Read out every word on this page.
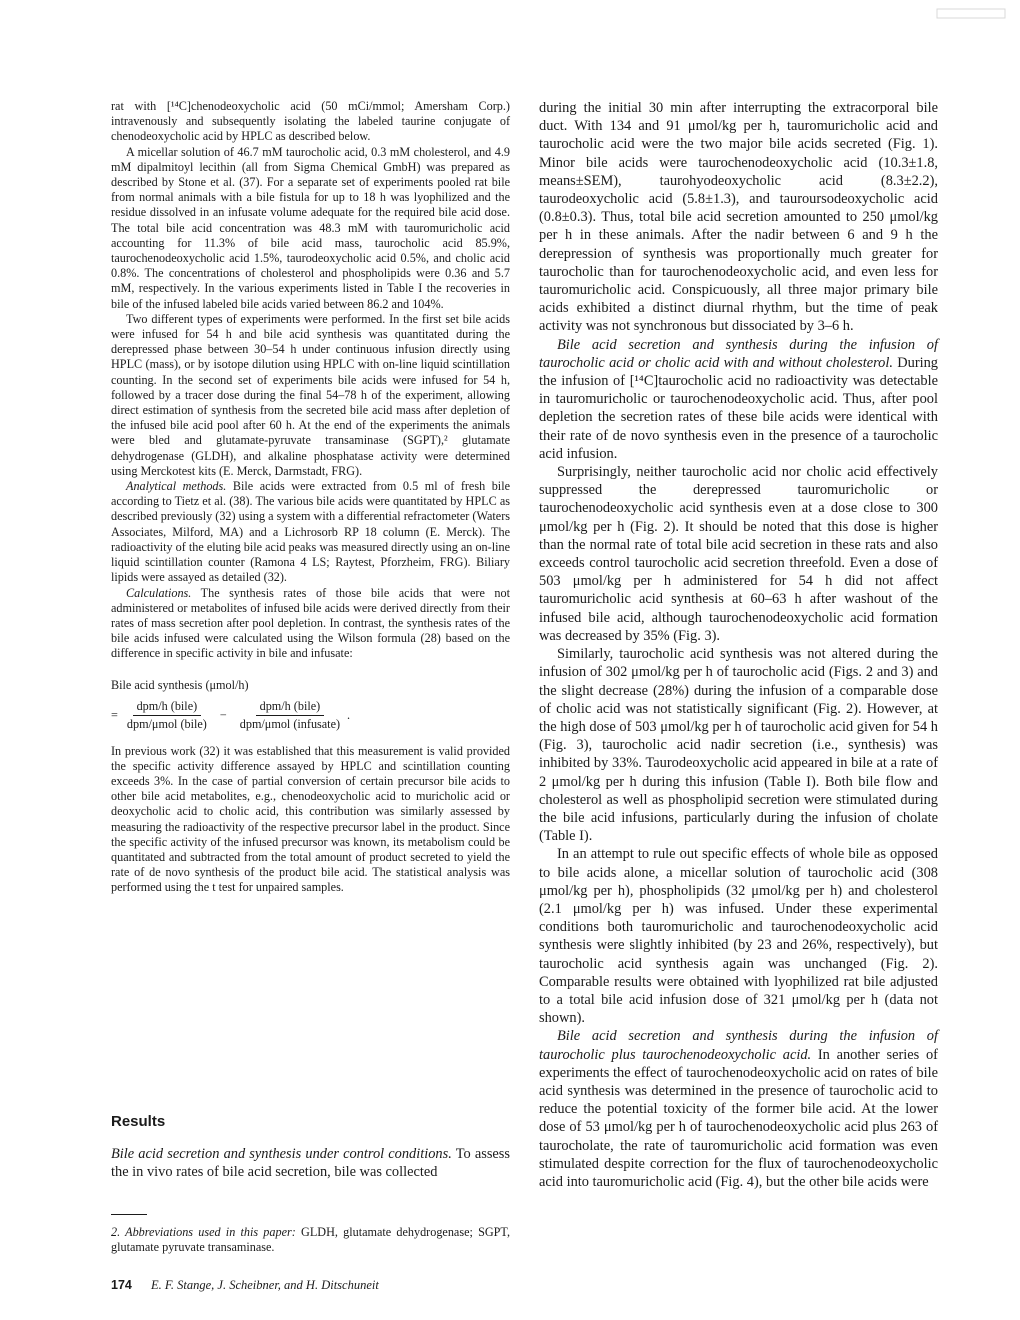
rat with [¹⁴C]chenodeoxycholic acid (50 mCi/mmol; Amersham Corp.) intravenously and subsequently isolating the labeled taurine conjugate of chenodeoxycholic acid by HPLC as described below.

A micellar solution of 46.7 mM taurocholic acid, 0.3 mM cholesterol, and 4.9 mM dipalmitoyl lecithin (all from Sigma Chemical GmbH) was prepared as described by Stone et al. (37). For a separate set of experiments pooled rat bile from normal animals with a bile fistula for up to 18 h was lyophilized and the residue dissolved in an infusate volume adequate for the required bile acid dose. The total bile acid concentration was 48.3 mM with tauromuricholic acid accounting for 11.3% of bile acid mass, taurocholic acid 85.9%, taurochenodeoxycholic acid 1.5%, taurodeoxycholic acid 0.5%, and cholic acid 0.8%. The concentrations of cholesterol and phospholipids were 0.36 and 5.7 mM, respectively. In the various experiments listed in Table I the recoveries in bile of the infused labeled bile acids varied between 86.2 and 104%.

Two different types of experiments were performed. In the first set bile acids were infused for 54 h and bile acid synthesis was quantitated during the derepressed phase between 30–54 h under continuous infusion directly using HPLC (mass), or by isotope dilution using HPLC with on-line liquid scintillation counting. In the second set of experiments bile acids were infused for 54 h, followed by a tracer dose during the final 54–78 h of the experiment, allowing direct estimation of synthesis from the secreted bile acid mass after depletion of the infused bile acid pool after 60 h. At the end of the experiments the animals were bled and glutamate-pyruvate transaminase (SGPT),² glutamate dehydrogenase (GLDH), and alkaline phosphatase activity were determined using Merckotest kits (E. Merck, Darmstadt, FRG).

Analytical methods. Bile acids were extracted from 0.5 ml of fresh bile according to Tietz et al. (38). The various bile acids were quantitated by HPLC as described previously (32) using a system with a differential refractometer (Waters Associates, Milford, MA) and a Lichrosorb RP 18 column (E. Merck). The radioactivity of the eluting bile acid peaks was measured directly using an on-line liquid scintillation counter (Ramona 4 LS; Raytest, Pforzheim, FRG). Biliary lipids were assayed as detailed (32).

Calculations. The synthesis rates of those bile acids that were not administered or metabolites of infused bile acids were derived directly from their rates of mass secretion after pool depletion. In contrast, the synthesis rates of the bile acids infused were calculated using the Wilson formula (28) based on the difference in specific activity in bile and infusate:

Bile acid synthesis (μmol/h)
= $\frac{\text{dpm/h (bile)}}{\text{dpm/μmol (bile)}} - \frac{\text{dpm/h (bile)}}{\text{dpm/μmol (infusate)}}$ .

In previous work (32) it was established that this measurement is valid provided the specific activity difference assayed by HPLC and scintillation counting exceeds 3%. In the case of partial conversion of certain precursor bile acids to other bile acid metabolites, e.g., chenodeoxycholic acid to muricholic acid or deoxycholic acid to cholic acid, this contribution was similarly assessed by measuring the radioactivity of the respective precursor label in the product. Since the specific activity of the infused precursor was known, its metabolism could be quantitated and subtracted from the total amount of product secreted to yield the rate of de novo synthesis of the product bile acid. The statistical analysis was performed using the t test for unpaired samples.

Results

Bile acid secretion and synthesis under control conditions. To assess the in vivo rates of bile acid secretion, bile was collected

2. Abbreviations used in this paper: GLDH, glutamate dehydrogenase; SGPT, glutamate pyruvate transaminase.

during the initial 30 min after interrupting the extracorporal bile duct. With 134 and 91 μmol/kg per h, tauromuricholic acid and taurocholic acid were the two major bile acids secreted (Fig. 1). Minor bile acids were taurochenodeoxycholic acid (10.3±1.8, means±SEM), taurohyodeoxycholic acid (8.3±2.2), taurodeoxycholic acid (5.8±1.3), and tauroursodeoxycholic acid (0.8±0.3). Thus, total bile acid secretion amounted to 250 μmol/kg per h in these animals. After the nadir between 6 and 9 h the derepression of synthesis was proportionally much greater for taurocholic than for taurochenodeoxycholic acid, and even less for tauromuricholic acid. Conspicuously, all three major primary bile acids exhibited a distinct diurnal rhythm, but the time of peak activity was not synchronous but dissociated by 3–6 h.

Bile acid secretion and synthesis during the infusion of taurocholic acid or cholic acid with and without cholesterol. During the infusion of [¹⁴C]taurocholic acid no radioactivity was detectable in tauromuricholic or taurochenodeoxycholic acid. Thus, after pool depletion the secretion rates of these bile acids were identical with their rate of de novo synthesis even in the presence of a taurocholic acid infusion.

Surprisingly, neither taurocholic acid nor cholic acid effectively suppressed the derepressed tauromuricholic or taurochenodeoxycholic acid synthesis even at a dose close to 300 μmol/kg per h (Fig. 2). It should be noted that this dose is higher than the normal rate of total bile acid secretion in these rats and also exceeds control taurocholic acid secretion threefold. Even a dose of 503 μmol/kg per h administered for 54 h did not affect tauromuricholic acid synthesis at 60–63 h after washout of the infused bile acid, although taurochenodeoxycholic acid formation was decreased by 35% (Fig. 3).

Similarly, taurocholic acid synthesis was not altered during the infusion of 302 μmol/kg per h of taurocholic acid (Figs. 2 and 3) and the slight decrease (28%) during the infusion of a comparable dose of cholic acid was not statistically significant (Fig. 2). However, at the high dose of 503 μmol/kg per h of taurocholic acid given for 54 h (Fig. 3), taurocholic acid nadir secretion (i.e., synthesis) was inhibited by 33%. Taurodeoxycholic acid appeared in bile at a rate of 2 μmol/kg per h during this infusion (Table I). Both bile flow and cholesterol as well as phospholipid secretion were stimulated during the bile acid infusions, particularly during the infusion of cholate (Table I).

In an attempt to rule out specific effects of whole bile as opposed to bile acids alone, a micellar solution of taurocholic acid (308 μmol/kg per h), phospholipids (32 μmol/kg per h) and cholesterol (2.1 μmol/kg per h) was infused. Under these experimental conditions both tauromuricholic and taurochenodeoxycholic acid synthesis were slightly inhibited (by 23 and 26%, respectively), but taurocholic acid synthesis again was unchanged (Fig. 2). Comparable results were obtained with lyophilized rat bile adjusted to a total bile acid infusion dose of 321 μmol/kg per h (data not shown).

Bile acid secretion and synthesis during the infusion of taurocholic plus taurochenodeoxycholic acid. In another series of experiments the effect of taurochenodeoxycholic acid on rates of bile acid synthesis was determined in the presence of taurocholic acid to reduce the potential toxicity of the former bile acid. At the lower dose of 53 μmol/kg per h of taurochenodeoxycholic acid plus 263 of taurocholate, the rate of tauromuricholic acid formation was even stimulated despite correction for the flux of taurochenodeoxycholic acid into tauromuricholic acid (Fig. 4), but the other bile acids were

174 E. F. Stange, J. Scheibner, and H. Ditschuneit
